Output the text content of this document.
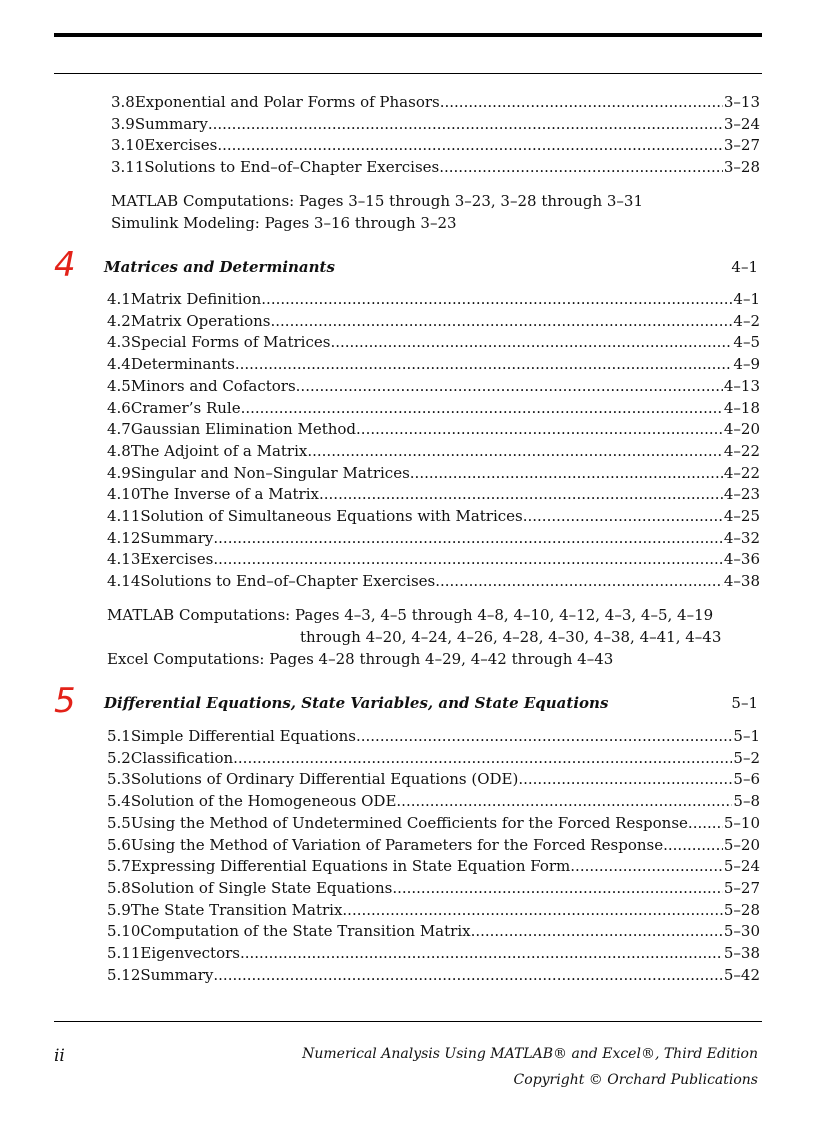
3.8 Exponential and Polar Forms of Phasors .....	3–13
3.9 Summary .....	3–24
3.10 Exercises .....	3–27
3.11 Solutions to End–of–Chapter Exercises .....	3–28
MATLAB Computations: Pages 3–15 through 3–23, 3–28 through 3–31
Simulink Modeling: Pages 3–16 through 3–23
4 Matrices and Determinants	4–1
4.1 Matrix Definition .....	4–1
4.2 Matrix Operations .....	4–2
4.3 Special Forms of Matrices .....	4–5
4.4 Determinants .....	4–9
4.5 Minors and Cofactors .....	4–13
4.6 Cramer’s Rule .....	4–18
4.7 Gaussian Elimination Method .....	4–20
4.8 The Adjoint of a Matrix .....	4–22
4.9 Singular and Non–Singular Matrices .....	4–22
4.10 The Inverse of a Matrix .....	4–23
4.11 Solution of Simultaneous Equations with Matrices .....	4–25
4.12 Summary .....	4–32
4.13 Exercises .....	4–36
4.14 Solutions to End–of–Chapter Exercises .....	4–38
MATLAB Computations: Pages 4–3, 4–5 through 4–8, 4–10, 4–12, 4–3, 4–5, 4–19
through 4–20, 4–24, 4–26, 4–28, 4–30, 4–38, 4–41, 4–43
Excel Computations: Pages 4–28 through 4–29, 4–42 through 4–43
5 Differential Equations, State Variables, and State Equations	5–1
5.1 Simple Differential Equations .....	5–1
5.2 Classification .....	5–2
5.3 Solutions of Ordinary Differential Equations (ODE) .....	5–6
5.4 Solution of the Homogeneous ODE .....	5–8
5.5 Using the Method of Undetermined Coefficients for the Forced Response ..... 5–10
5.6 Using the Method of Variation of Parameters for the Forced Response .....	5–20
5.7 Expressing Differential Equations in State Equation Form .....	5–24
5.8 Solution of Single State Equations .....	5–27
5.9 The State Transition Matrix .....	5–28
5.10 Computation of the State Transition Matrix .....	5–30
5.11 Eigenvectors .....	5–38
5.12 Summary .....	5–42
ii	Numerical Analysis Using MATLAB® and Excel®, Third Edition
Copyright © Orchard Publications
